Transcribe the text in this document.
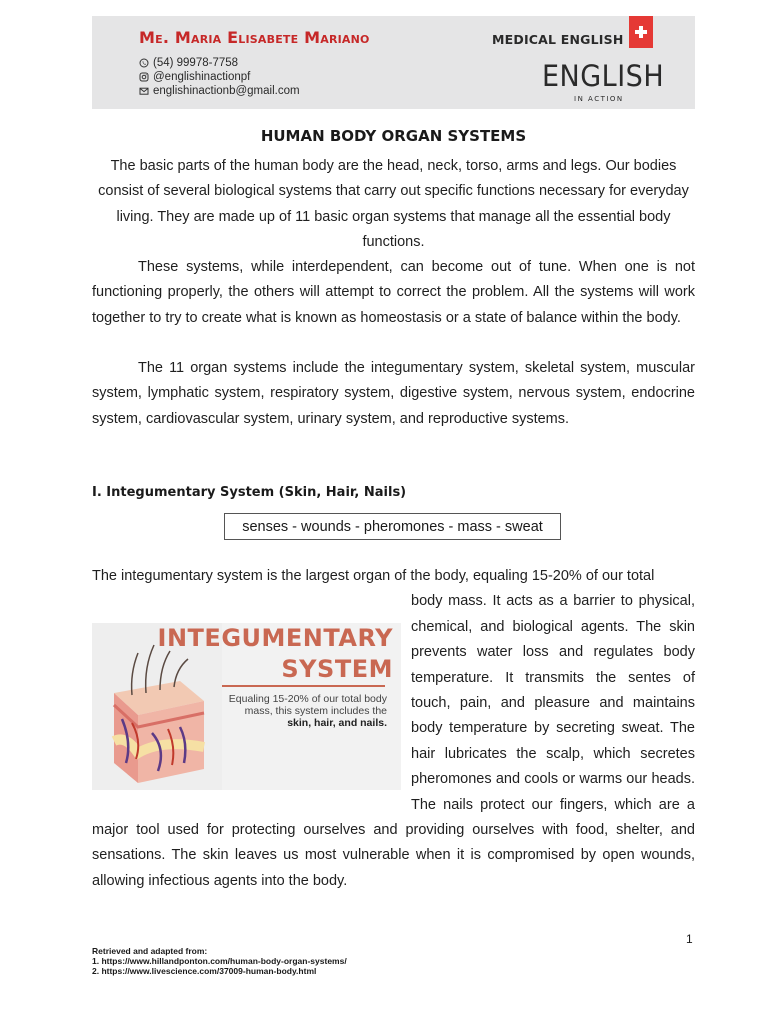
Me. Maria Elisabete Mariano
(54) 99978-7758
@englishinactionpf
englishinactionb@gmail.com
MEDICAL ENGLISH
ENGLISH
IN ACTION
HUMAN BODY ORGAN SYSTEMS

The basic parts of the human body are the head, neck, torso, arms and legs. Our bodies consist of several biological systems that carry out specific functions necessary for everyday living. They are made up of 11 basic organ systems that manage all the essential body functions.

These systems, while interdependent, can become out of tune. When one is not functioning properly, the others will attempt to correct the problem. All the systems will work together to try to create what is known as homeostasis or a state of balance within the body.

The 11 organ systems include the integumentary system, skeletal system, muscular system, lymphatic system, respiratory system, digestive system, nervous system, endocrine system, cardiovascular system, urinary system, and reproductive systems.

I. Integumentary System (Skin, Hair, Nails)
senses - wounds - pheromones - mass - sweat

The integumentary system is the largest organ of the body, equaling 15-20% of our total

INTEGUMENTARY
SYSTEM
Equaling 15-20% of our total body mass, this system includes the skin, hair, and nails.

body mass. It acts as a barrier to physical, chemical, and biological agents. The skin prevents water loss and regulates body temperature. It transmits the sentes of touch, pain, and pleasure and maintains body temperature by secreting sweat. The hair lubricates the scalp, which secretes pheromones and cools or warms our heads. The nails protect our fingers, which are a major tool used for protecting ourselves and providing ourselves with food, shelter, and sensations. The skin leaves us most vulnerable when it is compromised by open wounds, allowing infectious agents into the body.

1
Retrieved and adapted from:
1. https://www.hillandponton.com/human-body-organ-systems/
2. https://www.livescience.com/37009-human-body.html
